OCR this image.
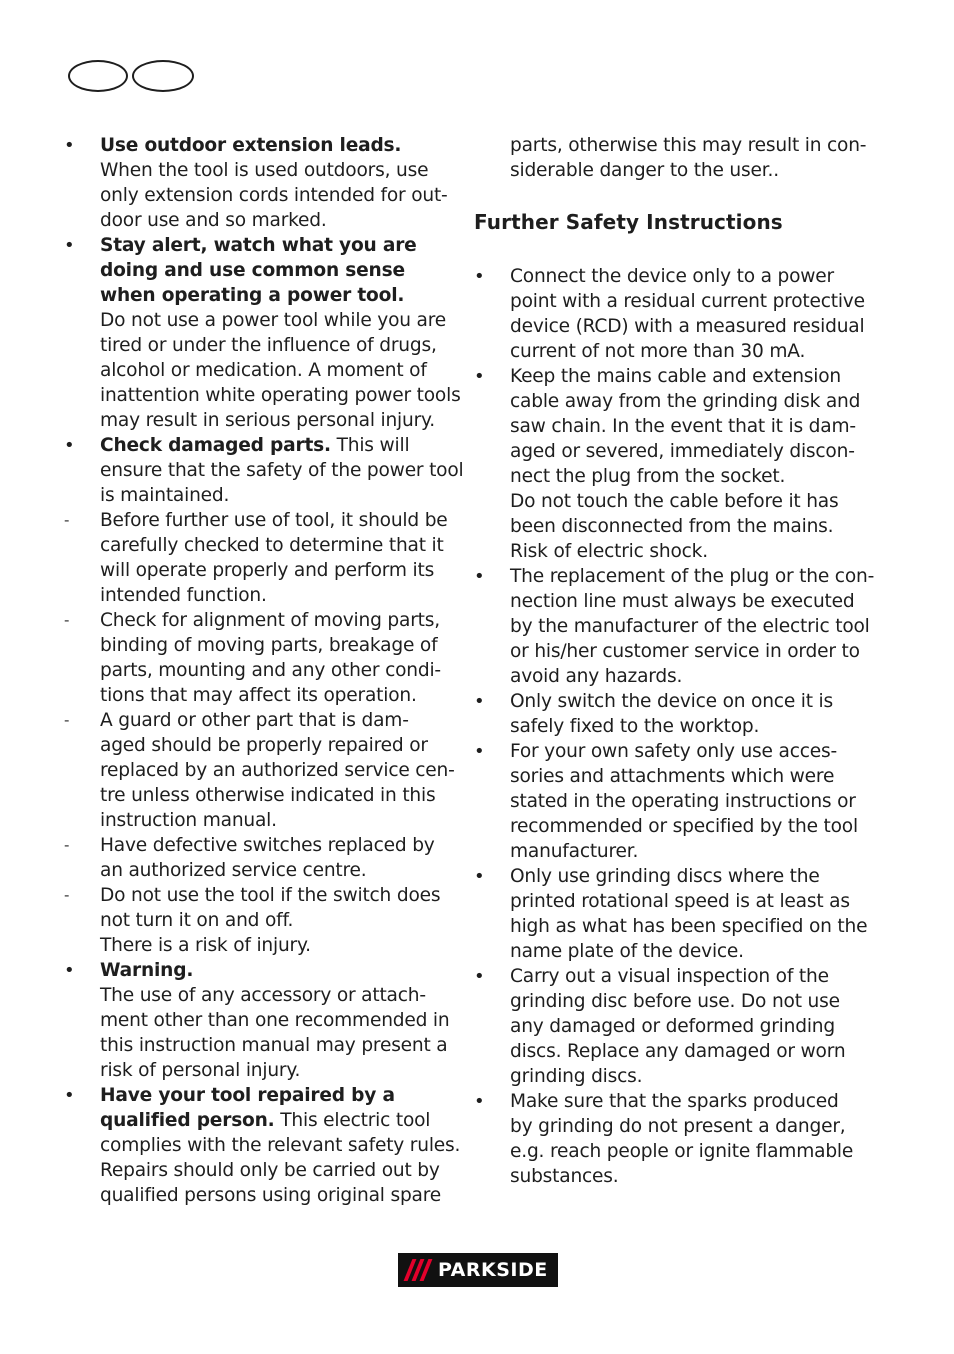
•	Use outdoor extension leads.
When the tool is used outdoors, use
only extension cords intended for out-
door use and so marked.
•	Stay alert, watch what you are
doing and use common sense
when operating a power tool.
Do not use a power tool while you are
tired or under the influence of drugs,
alcohol or medication. A moment of
inattention white operating power tools
may result in serious personal injury.
•	Check damaged parts. This will
ensure that the safety of the power tool
is maintained.
-	Before further use of tool, it should be
carefully checked to determine that it
will operate properly and perform its
intended function.
-	Check for alignment of moving parts,
binding of moving parts, breakage of
parts, mounting and any other condi-
tions that may affect its operation.
-	A guard or other part that is dam-
aged should be properly repaired or
replaced by an authorized service cen-
tre unless otherwise indicated in this
instruction manual.
-	Have defective switches replaced by
an authorized service centre.
-	Do not use the tool if the switch does
not turn it on and off.
There is a risk of injury.
•	Warning.
The use of any accessory or attach-
ment other than one recommended in
this instruction manual may present a
risk of personal injury.
•	Have your tool repaired by a
qualified person. This electric tool
complies with the relevant safety rules.
Repairs should only be carried out by
qualified persons using original spare
parts, otherwise this may result in con-
siderable danger to the user..
Further Safety Instructions
•	Connect the device only to a power
point with a residual current protective
device (RCD) with a measured residual
current of not more than 30 mA.
•	Keep the mains cable and extension
cable away from the grinding disk and
saw chain. In the event that it is dam-
aged or severed, immediately discon-
nect the plug from the socket.
Do not touch the cable before it has
been disconnected from the mains.
Risk of electric shock.
•	The replacement of the plug or the con-
nection line must always be executed
by the manufacturer of the electric tool
or his/her customer service in order to
avoid any hazards.
•	Only switch the device on once it is
safely fixed to the worktop.
•	For your own safety only use acces-
sories and attachments which were
stated in the operating instructions or
recommended or specified by the tool
manufacturer.
•	Only use grinding discs where the
printed rotational speed is at least as
high as what has been specified on the
name plate of the device.
•	Carry out a visual inspection of the
grinding disc before use. Do not use
any damaged or deformed grinding
discs. Replace any damaged or worn
grinding discs.
•	Make sure that the sparks produced
by grinding do not present a danger,
e.g. reach people or ignite flammable
substances.
PARKSIDE
